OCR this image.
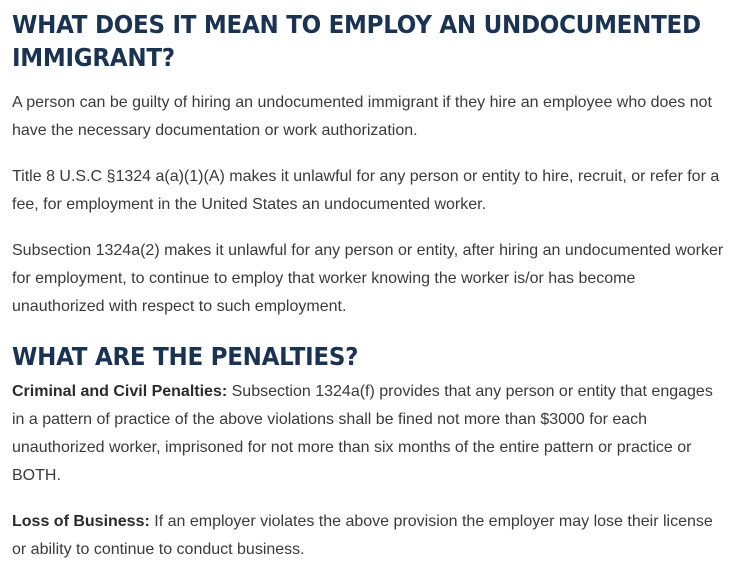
WHAT DOES IT MEAN TO EMPLOY AN UNDOCUMENTED IMMIGRANT?

A person can be guilty of hiring an undocumented immigrant if they hire an employee who does not have the necessary documentation or work authorization.

Title 8 U.S.C §1324 a(a)(1)(A) makes it unlawful for any person or entity to hire, recruit, or refer for a fee, for employment in the United States an undocumented worker.

Subsection 1324a(2) makes it unlawful for any person or entity, after hiring an undocumented worker for employment, to continue to employ that worker knowing the worker is/or has become unauthorized with respect to such employment.

WHAT ARE THE PENALTIES?

Criminal and Civil Penalties: Subsection 1324a(f) provides that any person or entity that engages in a pattern of practice of the above violations shall be fined not more than $3000 for each unauthorized worker, imprisoned for not more than six months of the entire pattern or practice or BOTH.

Loss of Business: If an employer violates the above provision the employer may lose their license or ability to continue to conduct business.
